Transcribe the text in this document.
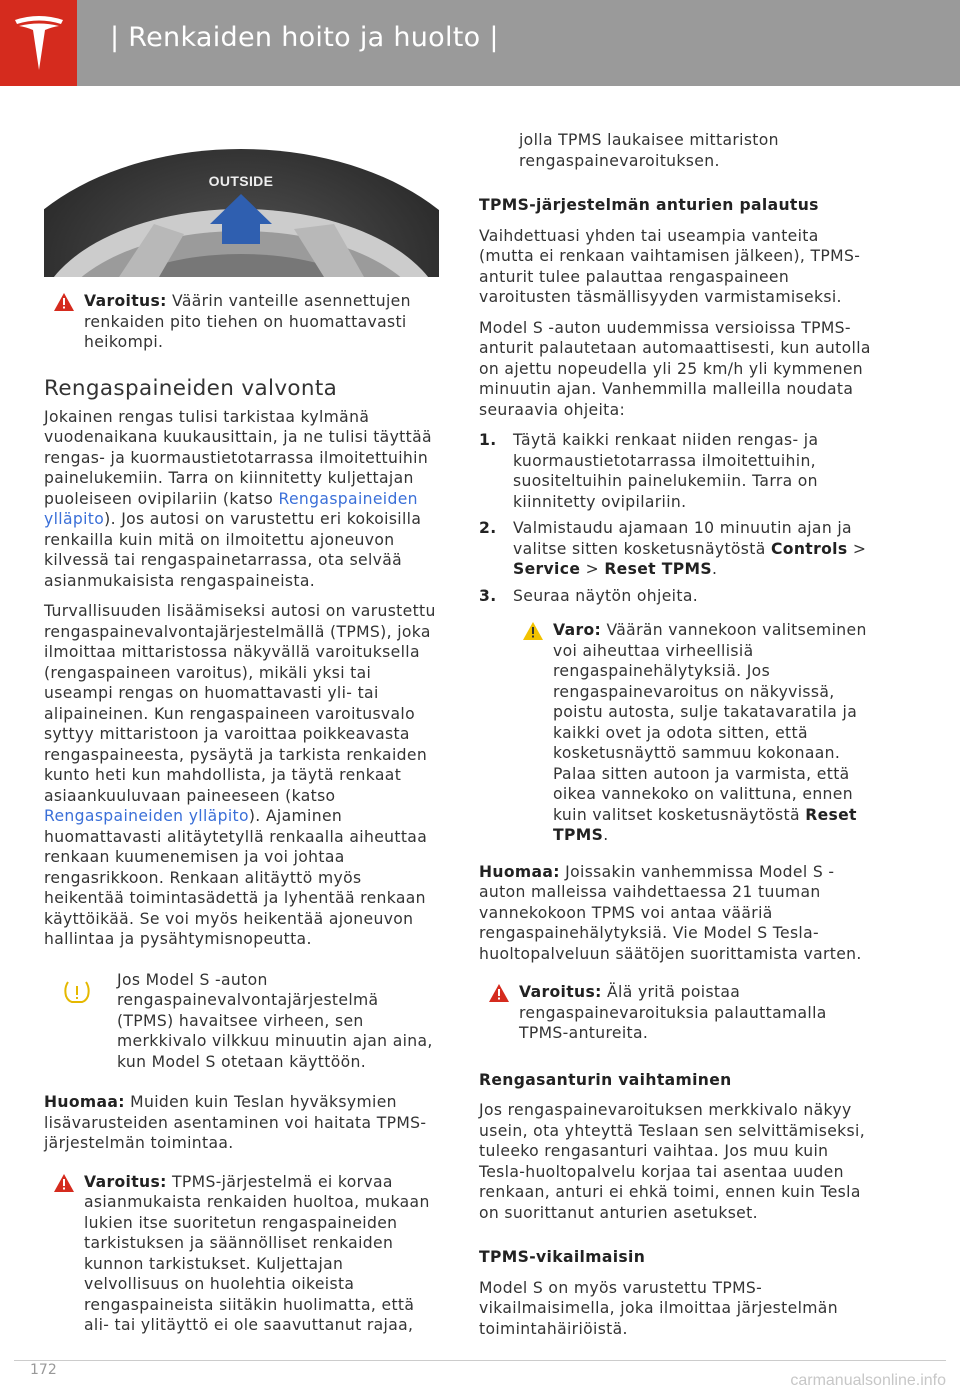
| Renkaiden hoito ja huolto |
OUTSIDE

Varoitus: Väärin vanteille asennettujen renkaiden pito tiehen on huomattavasti heikompi.

Rengaspaineiden valvonta

Jokainen rengas tulisi tarkistaa kylmänä vuodenaikana kuukausittain, ja ne tulisi täyttää rengas- ja kuormaustietotarrassa ilmoitettuihin painelukemiin. Tarra on kiinnitetty kuljettajan puoleiseen ovipilariin (katso Rengaspaineiden ylläpito). Jos autosi on varustettu eri kokoisilla renkailla kuin mitä on ilmoitettu ajoneuvon kilvessä tai rengaspainetarrassa, ota selvää asianmukaisista rengaspaineista.

Turvallisuuden lisäämiseksi autosi on varustettu rengaspainevalvontajärjestelmällä (TPMS), joka ilmoittaa mittaristossa näkyvällä varoituksella (rengaspaineen varoitus), mikäli yksi tai useampi rengas on huomattavasti yli- tai alipaineinen. Kun rengaspaineen varoitusvalo syttyy mittaristoon ja varoittaa poikkeavasta rengaspaineesta, pysäytä ja tarkista renkaiden kunto heti kun mahdollista, ja täytä renkaat asiaankuuluvaan paineeseen (katso Rengaspaineiden ylläpito). Ajaminen huomattavasti alitäytetyllä renkaalla aiheuttaa renkaan kuumenemisen ja voi johtaa rengasrikkoon. Renkaan alitäyttö myös heikentää toimintasädettä ja lyhentää renkaan käyttöikää. Se voi myös heikentää ajoneuvon hallintaa ja pysähtymisnopeutta.

Jos Model S -auton rengaspainevalvontajärjestelmä (TPMS) havaitsee virheen, sen merkkivalo vilkkuu minuutin ajan aina, kun Model S otetaan käyttöön.

Huomaa: Muiden kuin Teslan hyväksymien lisävarusteiden asentaminen voi haitata TPMS-järjestelmän toimintaa.

Varoitus: TPMS-järjestelmä ei korvaa asianmukaista renkaiden huoltoa, mukaan lukien itse suoritetun rengaspaineiden tarkistuksen ja säännölliset renkaiden kunnon tarkistukset. Kuljettajan velvollisuus on huolehtia oikeista rengaspaineista siitäkin huolimatta, että ali- tai ylitäyttö ei ole saavuttanut rajaa,

jolla TPMS laukaisee mittariston rengaspainevaroituksen.

TPMS-järjestelmän anturien palautus

Vaihdettuasi yhden tai useampia vanteita (mutta ei renkaan vaihtamisen jälkeen), TPMS-anturit tulee palauttaa rengaspaineen varoitusten täsmällisyyden varmistamiseksi.

Model S -auton uudemmissa versioissa TPMS-anturit palautetaan automaattisesti, kun autolla on ajettu nopeudella yli 25 km/h yli kymmenen minuutin ajan. Vanhemmilla malleilla noudata seuraavia ohjeita:

1. Täytä kaikki renkaat niiden rengas- ja kuormaustietotarrassa ilmoitettuihin, suositeltuihin painelukemiin. Tarra on kiinnitetty ovipilariin.

2. Valmistaudu ajamaan 10 minuutin ajan ja valitse sitten kosketusnäytöstä Controls > Service > Reset TPMS.

3. Seuraa näytön ohjeita.

Varo: Väärän vannekoon valitseminen voi aiheuttaa virheellisiä rengaspainehälytyksiä. Jos rengaspainevaroitus on näkyvissä, poistu autosta, sulje takatavaratila ja kaikki ovet ja odota sitten, että kosketusnäyttö sammuu kokonaan. Palaa sitten autoon ja varmista, että oikea vannekoko on valittuna, ennen kuin valitset kosketusnäytöstä Reset TPMS.

Huomaa: Joissakin vanhemmissa Model S -auton malleissa vaihdettaessa 21 tuuman vannekokoon TPMS voi antaa vääriä rengaspainehälytyksiä. Vie Model S Tesla-huoltopalveluun säätöjen suorittamista varten.

Varoitus: Älä yritä poistaa rengaspainevaroituksia palauttamalla TPMS-antureita.

Rengasanturin vaihtaminen

Jos rengaspainevaroituksen merkkivalo näkyy usein, ota yhteyttä Teslaan sen selvittämiseksi, tuleeko rengasanturi vaihtaa. Jos muu kuin Tesla-huoltopalvelu korjaa tai asentaa uuden renkaan, anturi ei ehkä toimi, ennen kuin Tesla on suorittanut anturien asetukset.

TPMS-vikailmaisin

Model S on myös varustettu TPMS-vikailmaisimella, joka ilmoittaa järjestelmän toimintahäiriöistä.

172
carmanualsonline.info
